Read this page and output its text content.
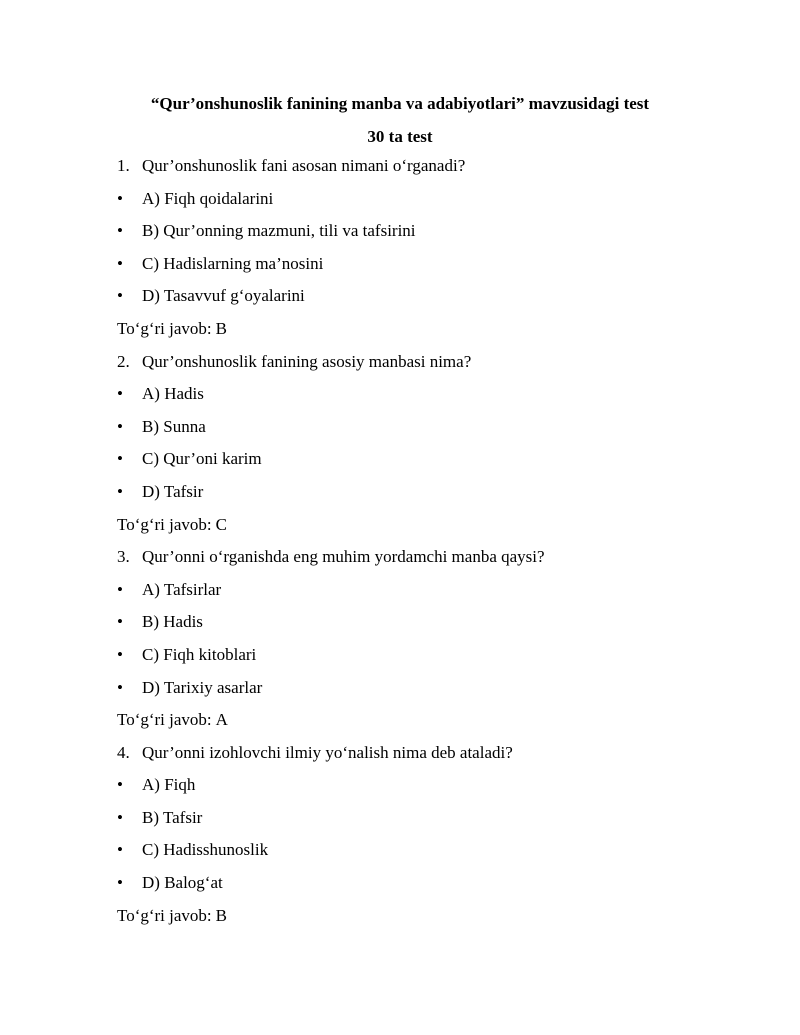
“Qur’onshunoslik fanining manba va adabiyotlari” mavzusidagi test
30 ta test
1. Qur’onshunoslik fani asosan nimani o‘rganadi?
•	A) Fiqh qoidalarini
•	B) Qur’onning mazmuni, tili va tafsirini
•	C) Hadislarning ma’nosini
•	D) Tasavvuf g‘oyalarini
To‘g‘ri javob: B
2. Qur’onshunoslik fanining asosiy manbasi nima?
•	A) Hadis
•	B) Sunna
•	C) Qur’oni karim
•	D) Tafsir
To‘g‘ri javob: C
3. Qur’onni o‘rganishda eng muhim yordamchi manba qaysi?
•	A) Tafsirlar
•	B) Hadis
•	C) Fiqh kitoblari
•	D) Tarixiy asarlar
To‘g‘ri javob: A
4. Qur’onni izohlovchi ilmiy yo‘nalish nima deb ataladi?
•	A) Fiqh
•	B) Tafsir
•	C) Hadisshunoslik
•	D) Balog‘at
To‘g‘ri javob: B
